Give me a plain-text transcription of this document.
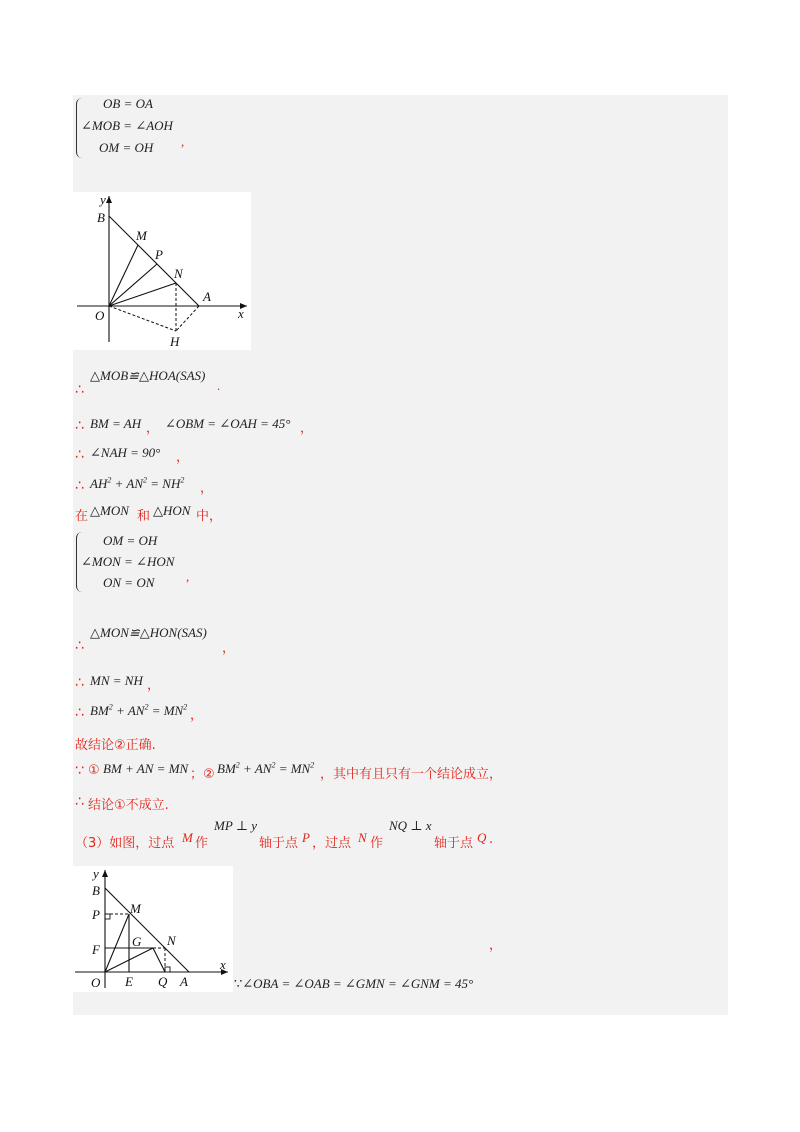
OB = OA
∠MOB = ∠AOH
OM = OH ,
y
x
O
B
M
P
N
A
H
∴
△MOB≌△HOA(SAS)
.
∴ BM = AH ， ∠OBM = ∠OAH = 45° ，
∴ ∠NAH = 90° ，
∴ $AH^2 + AN^2 = NH^2$
，
在 △MON 和 △HON 中，
OM = OH
∠MON = ∠HON
ON = ON ,
∴
△MON≌△HON(SAS)
，
∴ MN = NH ，
∴ $BM^2 + AN^2 = MN^2$
，
故结论②正确.
∵ ① BM + AN = MN ；② $BM^2 + AN^2 = MN^2$
，其中有且只有一个结论成立，
∴ 结论①不成立.
（3）如图，过点 M 作
MP ⊥ y
轴于点 P ，过点 N 作
NQ ⊥ x
轴于点 Q .
y
x
O
B
M
P
G N
F
E Q A
，
∵∠OBA = ∠OAB = ∠GMN = ∠GNM = 45°
